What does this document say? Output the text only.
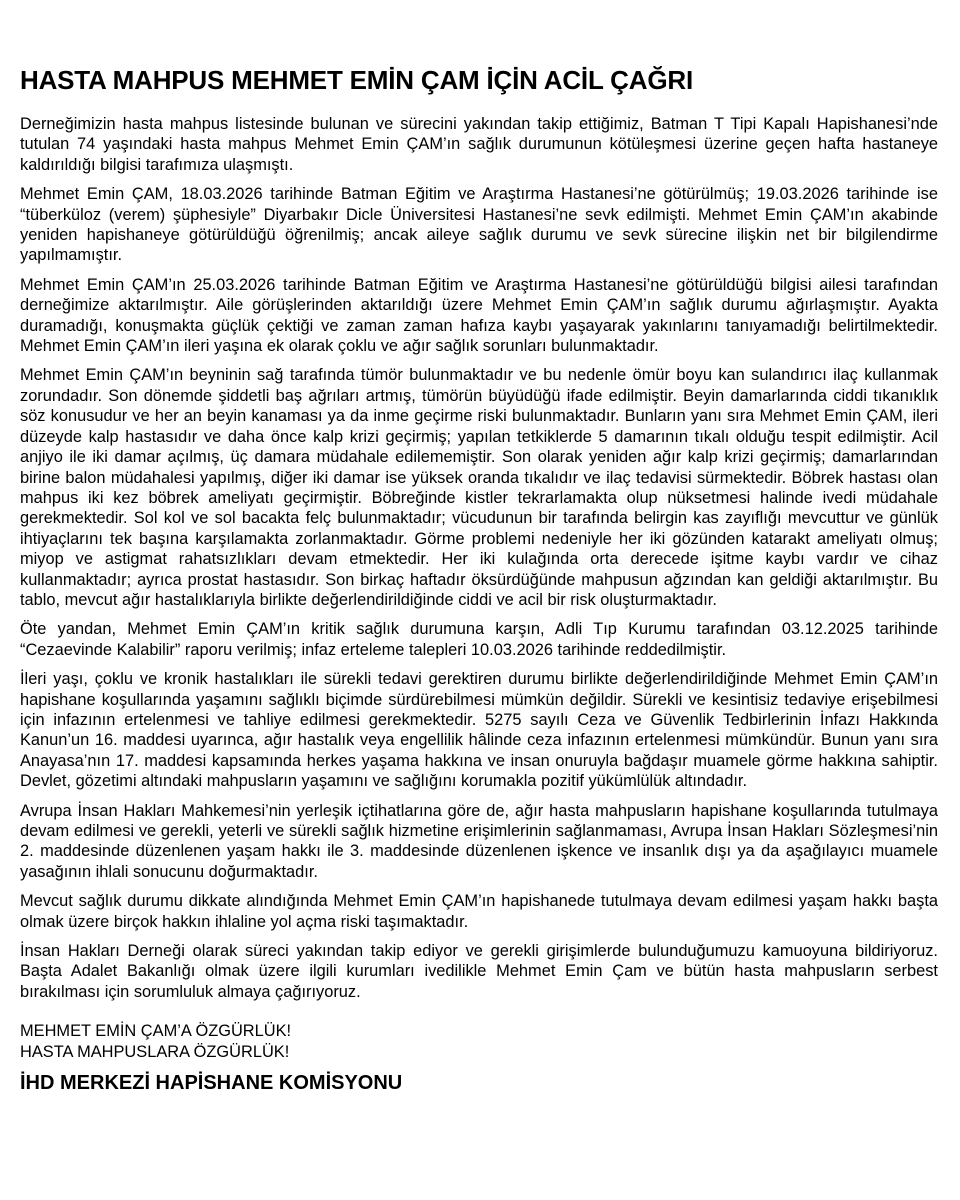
HASTA MAHPUS MEHMET EMİN ÇAM İÇİN ACİL ÇAĞRI

Derneğimizin hasta mahpus listesinde bulunan ve sürecini yakından takip ettiğimiz, Batman T Tipi Kapalı Hapishanesi’nde tutulan 74 yaşındaki hasta mahpus Mehmet Emin ÇAM’ın sağlık durumunun kötüleşmesi üzerine geçen hafta hastaneye kaldırıldığı bilgisi tarafımıza ulaşmıştı.

Mehmet Emin ÇAM, 18.03.2026 tarihinde Batman Eğitim ve Araştırma Hastanesi’ne götürülmüş; 19.03.2026 tarihinde ise “tüberküloz (verem) şüphesiyle” Diyarbakır Dicle Üniversitesi Hastanesi’ne sevk edilmişti. Mehmet Emin ÇAM’ın akabinde yeniden hapishaneye götürüldüğü öğrenilmiş; ancak aileye sağlık durumu ve sevk sürecine ilişkin net bir bilgilendirme yapılmamıştır.

Mehmet Emin ÇAM’ın 25.03.2026 tarihinde Batman Eğitim ve Araştırma Hastanesi’ne götürüldüğü bilgisi ailesi tarafından derneğimize aktarılmıştır. Aile görüşlerinden aktarıldığı üzere Mehmet Emin ÇAM’ın sağlık durumu ağırlaşmıştır. Ayakta duramadığı, konuşmakta güçlük çektiği ve zaman zaman hafıza kaybı yaşayarak yakınlarını tanıyamadığı belirtilmektedir. Mehmet Emin ÇAM’ın ileri yaşına ek olarak çoklu ve ağır sağlık sorunları bulunmaktadır.

Mehmet Emin ÇAM’ın beyninin sağ tarafında tümör bulunmaktadır ve bu nedenle ömür boyu kan sulandırıcı ilaç kullanmak zorundadır. Son dönemde şiddetli baş ağrıları artmış, tümörün büyüdüğü ifade edilmiştir. Beyin damarlarında ciddi tıkanıklık söz konusudur ve her an beyin kanaması ya da inme geçirme riski bulunmaktadır. Bunların yanı sıra Mehmet Emin ÇAM, ileri düzeyde kalp hastasıdır ve daha önce kalp krizi geçirmiş; yapılan tetkiklerde 5 damarının tıkalı olduğu tespit edilmiştir. Acil anjiyo ile iki damar açılmış, üç damara müdahale edilememiştir. Son olarak yeniden ağır kalp krizi geçirmiş; damarlarından birine balon müdahalesi yapılmış, diğer iki damar ise yüksek oranda tıkalıdır ve ilaç tedavisi sürmektedir. Böbrek hastası olan mahpus iki kez böbrek ameliyatı geçirmiştir. Böbreğinde kistler tekrarlamakta olup nüksetmesi halinde ivedi müdahale gerekmektedir. Sol kol ve sol bacakta felç bulunmaktadır; vücudunun bir tarafında belirgin kas zayıflığı mevcuttur ve günlük ihtiyaçlarını tek başına karşılamakta zorlanmaktadır. Görme problemi nedeniyle her iki gözünden katarakt ameliyatı olmuş; miyop ve astigmat rahatsızlıkları devam etmektedir. Her iki kulağında orta derecede işitme kaybı vardır ve cihaz kullanmaktadır; ayrıca prostat hastasıdır. Son birkaç haftadır öksürdüğünde mahpusun ağzından kan geldiği aktarılmıştır. Bu tablo, mevcut ağır hastalıklarıyla birlikte değerlendirildiğinde ciddi ve acil bir risk oluşturmaktadır.

Öte yandan, Mehmet Emin ÇAM’ın kritik sağlık durumuna karşın, Adli Tıp Kurumu tarafından 03.12.2025 tarihinde “Cezaevinde Kalabilir” raporu verilmiş; infaz erteleme talepleri 10.03.2026 tarihinde reddedilmiştir.

İleri yaşı, çoklu ve kronik hastalıkları ile sürekli tedavi gerektiren durumu birlikte değerlendirildiğinde Mehmet Emin ÇAM’ın hapishane koşullarında yaşamını sağlıklı biçimde sürdürebilmesi mümkün değildir. Sürekli ve kesintisiz tedaviye erişebilmesi için infazının ertelenmesi ve tahliye edilmesi gerekmektedir. 5275 sayılı Ceza ve Güvenlik Tedbirlerinin İnfazı Hakkında Kanun’un 16. maddesi uyarınca, ağır hastalık veya engellilik hâlinde ceza infazının ertelenmesi mümkündür. Bunun yanı sıra Anayasa’nın 17. maddesi kapsamında herkes yaşama hakkına ve insan onuruyla bağdaşır muamele görme hakkına sahiptir. Devlet, gözetimi altındaki mahpusların yaşamını ve sağlığını korumakla pozitif yükümlülük altındadır.

Avrupa İnsan Hakları Mahkemesi’nin yerleşik içtihatlarına göre de, ağır hasta mahpusların hapishane koşullarında tutulmaya devam edilmesi ve gerekli, yeterli ve sürekli sağlık hizmetine erişimlerinin sağlanmaması, Avrupa İnsan Hakları Sözleşmesi’nin 2. maddesinde düzenlenen yaşam hakkı ile 3. maddesinde düzenlenen işkence ve insanlık dışı ya da aşağılayıcı muamele yasağının ihlali sonucunu doğurmaktadır.

Mevcut sağlık durumu dikkate alındığında Mehmet Emin ÇAM’ın hapishanede tutulmaya devam edilmesi yaşam hakkı başta olmak üzere birçok hakkın ihlaline yol açma riski taşımaktadır.

İnsan Hakları Derneği olarak süreci yakından takip ediyor ve gerekli girişimlerde bulunduğumuzu kamuoyuna bildiriyoruz. Başta Adalet Bakanlığı olmak üzere ilgili kurumları ivedilikle Mehmet Emin Çam ve bütün hasta mahpusların serbest bırakılması için sorumluluk almaya çağırıyoruz.

MEHMET EMİN ÇAM’A ÖZGÜRLÜK!
HASTA MAHPUSLARA ÖZGÜRLÜK!
İHD MERKEZİ HAPİSHANE KOMİSYONU
